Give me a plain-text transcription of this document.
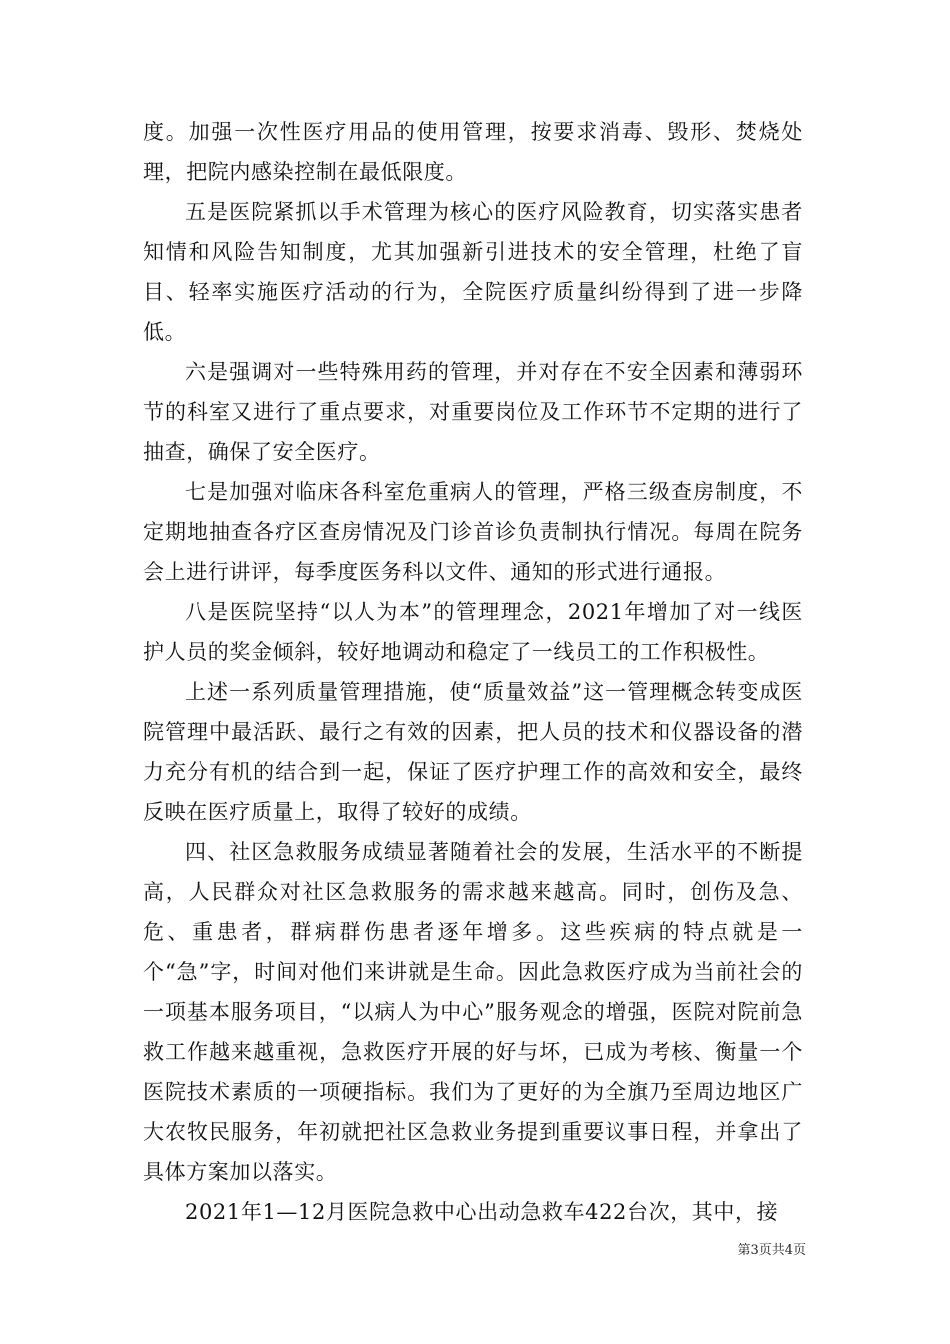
度。加强一次性医疗用品的使用管理，按要求消毒、毁形、焚烧处理，把院内感染控制在最低限度。

五是医院紧抓以手术管理为核心的医疗风险教育，切实落实患者知情和风险告知制度，尤其加强新引进技术的安全管理，杜绝了盲目、轻率实施医疗活动的行为，全院医疗质量纠纷得到了进一步降低。

六是强调对一些特殊用药的管理，并对存在不安全因素和薄弱环节的科室又进行了重点要求，对重要岗位及工作环节不定期的进行了抽查，确保了安全医疗。

七是加强对临床各科室危重病人的管理，严格三级查房制度，不定期地抽查各疗区查房情况及门诊首诊负责制执行情况。每周在院务会上进行讲评，每季度医务科以文件、通知的形式进行通报。

八是医院坚持“以人为本”的管理理念，2021年增加了对一线医护人员的奖金倾斜，较好地调动和稳定了一线员工的工作积极性。

上述一系列质量管理措施，使“质量效益”这一管理概念转变成医院管理中最活跃、最行之有效的因素，把人员的技术和仪器设备的潜力充分有机的结合到一起，保证了医疗护理工作的高效和安全，最终反映在医疗质量上，取得了较好的成绩。

四、社区急救服务成绩显著随着社会的发展，生活水平的不断提高，人民群众对社区急救服务的需求越来越高。同时，创伤及急、危、重患者，群病群伤患者逐年增多。这些疾病的特点就是一个“急”字，时间对他们来讲就是生命。因此急救医疗成为当前社会的一项基本服务项目，“以病人为中心”服务观念的增强，医院对院前急救工作越来越重视，急救医疗开展的好与坏，已成为考核、衡量一个医院技术素质的一项硬指标。我们为了更好的为全旗乃至周边地区广大农牧民服务，年初就把社区急救业务提到重要议事日程，并拿出了具体方案加以落实。

2021年1—12月医院急救中心出动急救车422台次，其中，接

第3页共4页
